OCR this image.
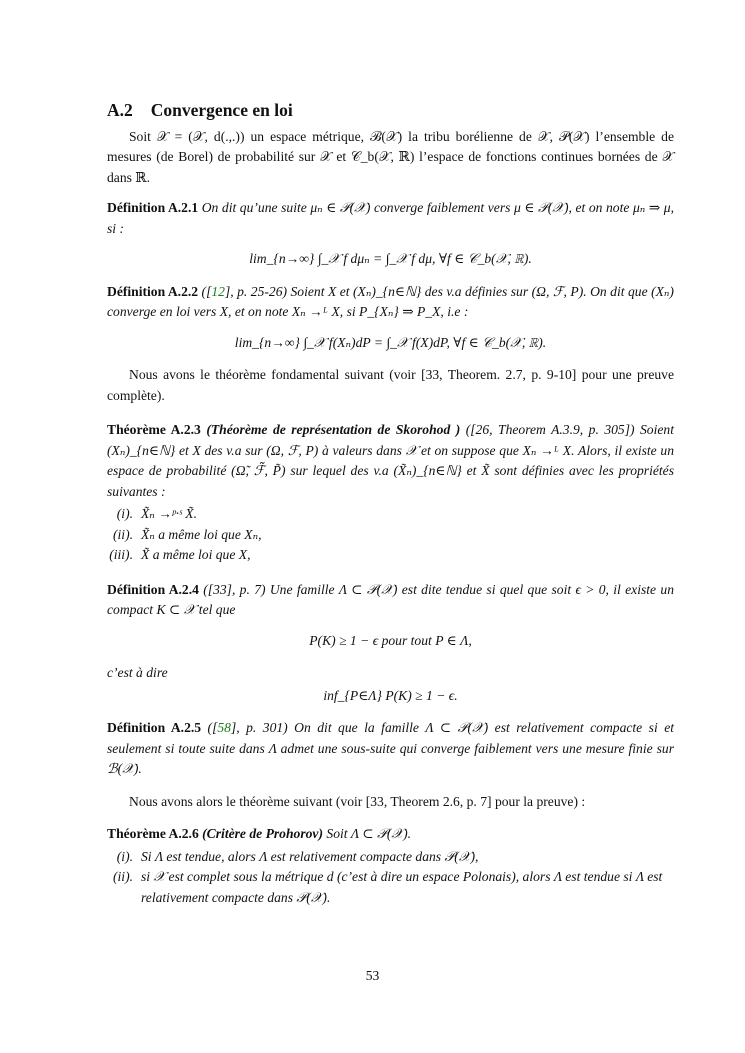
A.2 Convergence en loi

Soit 𝒳 = (𝒳, d(.,.)) un espace métrique, ℬ(𝒳) la tribu borélienne de 𝒳, 𝒫(𝒳) l’ensemble de mesures (de Borel) de probabilité sur 𝒳 et 𝒞_b(𝒳, ℝ) l’espace de fonctions continues bornées de 𝒳 dans ℝ.

Définition A.2.1 On dit qu’une suite μₙ ∈ 𝒫(𝒳) converge faiblement vers μ ∈ 𝒫(𝒳), et on note μₙ ⇒ μ, si :
lim_{n→∞} ∫_𝒳 f dμₙ = ∫_𝒳 f dμ, ∀f ∈ 𝒞_b(𝒳, ℝ).
Définition A.2.2 ([12], p. 25-26) Soient X et (Xₙ)_{n∈ℕ} des v.a définies sur (Ω, ℱ, P). On dit que (Xₙ) converge en loi vers X, et on note Xₙ →ᴸ X, si P_{Xₙ} ⇒ P_X, i.e :
lim_{n→∞} ∫_𝒳 f(Xₙ)dP = ∫_𝒳 f(X)dP, ∀f ∈ 𝒞_b(𝒳, ℝ).

Nous avons le théorème fondamental suivant (voir [33, Theorem. 2.7, p. 9-10] pour une preuve complète).

Théorème A.2.3 (Théorème de représentation de Skorohod ) ([26, Theorem A.3.9, p. 305]) Soient (Xₙ)_{n∈ℕ} et X des v.a sur (Ω, ℱ, P) à valeurs dans 𝒳 et on suppose que Xₙ →ᴸ X. Alors, il existe un espace de probabilité (Ω̃, ℱ̃, P̃) sur lequel des v.a (X̃ₙ)_{n∈ℕ} et X̃ sont définies avec les propriétés suivantes :
(i). X̃ₙ →ᵖ·ˢ X̃.
(ii). X̃ₙ a même loi que Xₙ,
(iii). X̃ a même loi que X,
Définition A.2.4 ([33], p. 7) Une famille Λ ⊂ 𝒫(𝒳) est dite tendue si quel que soit ϵ > 0, il existe un compact K ⊂ 𝒳 tel que
P(K) ≥ 1 − ϵ pour tout P ∈ Λ,

c’est à dire

inf_{P∈Λ} P(K) ≥ 1 − ϵ.
Définition A.2.5 ([58], p. 301) On dit que la famille Λ ⊂ 𝒫(𝒳) est relativement compacte si et seulement si toute suite dans Λ admet une sous-suite qui converge faiblement vers une mesure finie sur ℬ(𝒳).

Nous avons alors le théorème suivant (voir [33, Theorem 2.6, p. 7] pour la preuve) :

Théorème A.2.6 (Critère de Prohorov) Soit Λ ⊂ 𝒫(𝒳).
(i). Si Λ est tendue, alors Λ est relativement compacte dans 𝒫(𝒳),
(ii). si 𝒳 est complet sous la métrique d (c’est à dire un espace Polonais), alors Λ est tendue si Λ est relativement compacte dans 𝒫(𝒳).
53
